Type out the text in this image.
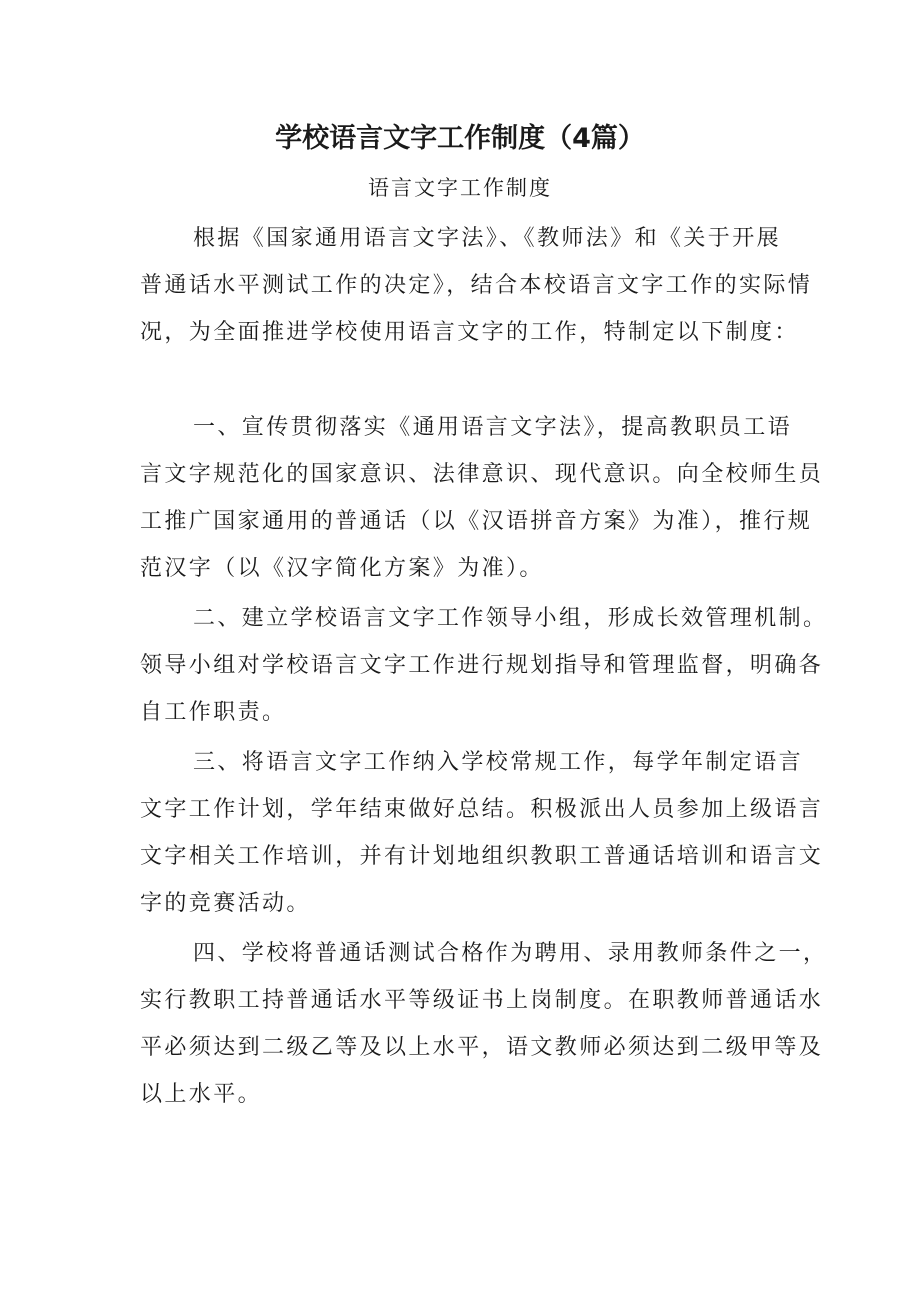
学校语言文字工作制度（4篇）
语言文字工作制度
根据《国家通用语言文字法》、《教师法》和《关于开展
普通话水平测试工作的决定》，结合本校语言文字工作的实际情
况，为全面推进学校使用语言文字的工作，特制定以下制度：
一、宣传贯彻落实《通用语言文字法》，提高教职员工语
言文字规范化的国家意识、法律意识、现代意识。向全校师生员
工推广国家通用的普通话（以《汉语拼音方案》为准），推行规
范汉字（以《汉字简化方案》为准）。
二、建立学校语言文字工作领导小组，形成长效管理机制。
领导小组对学校语言文字工作进行规划指导和管理监督，明确各
自工作职责。
三、将语言文字工作纳入学校常规工作，每学年制定语言
文字工作计划，学年结束做好总结。积极派出人员参加上级语言
文字相关工作培训，并有计划地组织教职工普通话培训和语言文
字的竞赛活动。
四、学校将普通话测试合格作为聘用、录用教师条件之一，
实行教职工持普通话水平等级证书上岗制度。在职教师普通话水
平必须达到二级乙等及以上水平，语文教师必须达到二级甲等及
以上水平。
